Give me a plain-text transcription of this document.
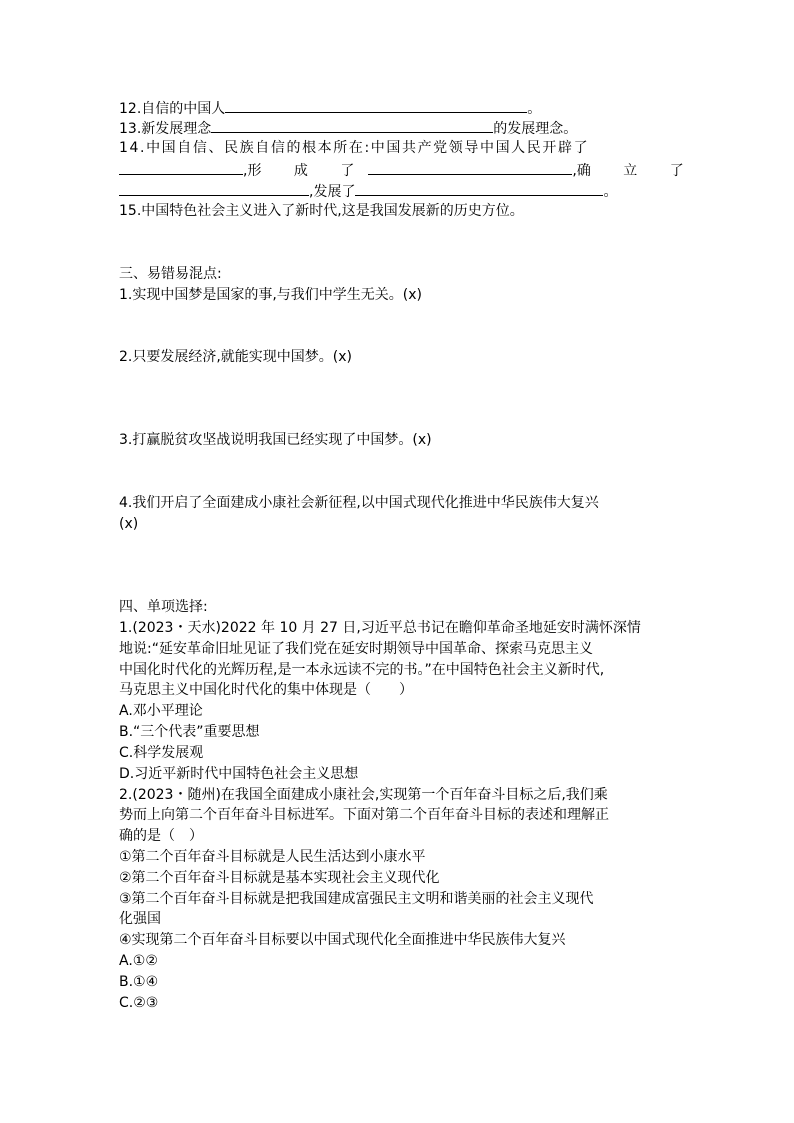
12.自信的中国人	。
13.新发展理念	的发展理念。
14.中国自信、民族自信的根本所在:中国共产党领导中国人民开辟了
, 形 成 了	, 确 立 了
,发展了	。
15.中国特色社会主义进入了新时代,这是我国发展新的历史方位。
三、易错易混点:
1.实现中国梦是国家的事,与我们中学生无关。(x)
2.只要发展经济,就能实现中国梦。(x)
3.打赢脱贫攻坚战说明我国已经实现了中国梦。(x)
4.我们开启了全面建成小康社会新征程,以中国式现代化推进中华民族伟大复兴
(x)
四、单项选择:
1.(2023・天水)2022 年 10 月 27 日,习近平总书记在瞻仰革命圣地延安时满怀深情
地说:“延安革命旧址见证了我们党在延安时期领导中国革命、探索马克思主义
中国化时代化的光辉历程,是一本永远读不完的书。”在中国特色社会主义新时代,
马克思主义中国化时代化的集中体现是（　　）
A.邓小平理论
B.“三个代表”重要思想
C.科学发展观
D.习近平新时代中国特色社会主义思想
2.(2023・随州)在我国全面建成小康社会,实现第一个百年奋斗目标之后,我们乘
势而上向第二个百年奋斗目标进军。下面对第二个百年奋斗目标的表述和理解正
确的是（　）
①第二个百年奋斗目标就是人民生活达到小康水平
②第二个百年奋斗目标就是基本实现社会主义现代化
③第二个百年奋斗目标就是把我国建成富强民主文明和谐美丽的社会主义现代
化强国
④实现第二个百年奋斗目标要以中国式现代化全面推进中华民族伟大复兴
A.①②
B.①④
C.②③
